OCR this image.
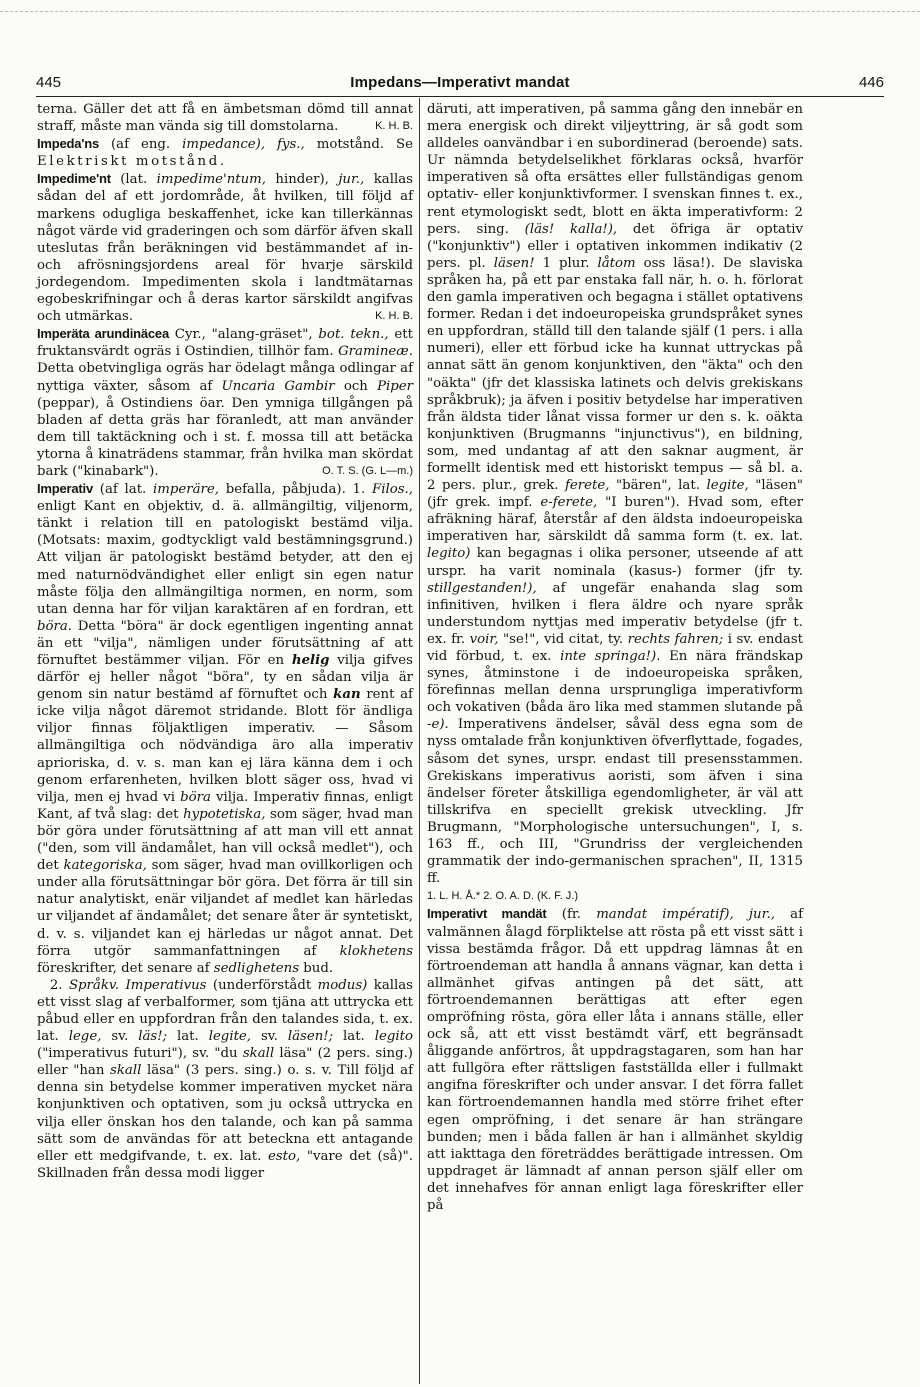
445	Impedans—Imperativt mandat	446

terna. Gäller det att få en ämbetsman dömd till annat straff, måste man vända sig till domstolarna.	K. H. B.

Impeda'ns (af eng. impedance), fys., motstånd. Se Elektriskt motstånd.

Impedime'nt (lat. impedime'ntum, hinder), jur., kallas sådan del af ett jordområde, åt hvilken, till följd af markens odugliga beskaffenhet, icke kan tillerkännas något värde vid graderingen och som därför äfven skall uteslutas från beräkningen vid bestämmandet af in- och afrösningsjordens areal för hvarje särskild jordegendom. Impedimenten skola i landtmätarnas egobeskrifningar och å deras kartor särskildt angifvas och utmärkas.	K. H. B.

Imperäta arundinäcea Cyr., "alang-gräset", bot. tekn., ett fruktansvärdt ogräs i Ostindien, tillhör fam. Gramineæ. Detta obetvingliga ogräs har ödelagt många odlingar af nyttiga växter, såsom af Uncaria Gambir och Piper (peppar), å Ostindiens öar. Den ymniga tillgången på bladen af detta gräs har föranledt, att man använder dem till taktäckning och i st. f. mossa till att betäcka ytorna å kinaträdens stammar, från hvilka man skördat bark ("kinabark").	O. T. S. (G. L—m.)

Imperativ (af lat. imperäre, befalla, påbjuda). 1. Filos., enligt Kant en objektiv, d. ä. allmängiltig, viljenorm, tänkt i relation till en patologiskt bestämd vilja. (Motsats: maxim, godtyckligt vald bestämningsgrund.) Att viljan är patologiskt bestämd betyder, att den ej med naturnödvändighet eller enligt sin egen natur måste följa den allmängiltiga normen, en norm, som utan denna har för viljan karaktären af en fordran, ett böra. Detta "böra" är dock egentligen ingenting annat än ett "vilja", nämligen under förutsättning af att förnuftet bestämmer viljan. För en helig vilja gifves därför ej heller något "böra", ty en sådan vilja är genom sin natur bestämd af förnuftet och kan rent af icke vilja något däremot stridande. Blott för ändliga viljor finnas följaktligen imperativ. — Såsom allmängiltiga och nödvändiga äro alla imperativ aprioriska, d. v. s. man kan ej lära känna dem i och genom erfarenheten, hvilken blott säger oss, hvad vi vilja, men ej hvad vi böra vilja. Imperativ finnas, enligt Kant, af två slag: det hypotetiska, som säger, hvad man bör göra under förutsättning af att man vill ett annat ("den, som vill ändamålet, han vill också medlet"), och det kategoriska, som säger, hvad man ovillkorligen och under alla förutsättningar bör göra. Det förra är till sin natur analytiskt, enär viljandet af medlet kan härledas ur viljandet af ändamålet; det senare åter är syntetiskt, d. v. s. viljandet kan ej härledas ur något annat. Det förra utgör sammanfattningen af klokhetens föreskrifter, det senare af sedlighetens bud.

2. Språkv. Imperativus (underförstådt modus) kallas ett visst slag af verbalformer, som tjäna att uttrycka ett påbud eller en uppfordran från den talandes sida, t. ex. lat. lege, sv. läs!; lat. legite, sv. läsen!; lat. legito ("imperativus futuri"), sv. "du skall läsa" (2 pers. sing.) eller "han skall läsa" (3 pers. sing.) o. s. v. Till följd af denna sin betydelse kommer imperativen mycket nära konjunktiven och optativen, som ju också uttrycka en vilja eller önskan hos den talande, och kan på samma sätt som de användas för att beteckna ett antagande eller ett medgifvande, t. ex. lat. esto, "vare det (så)". Skillnaden från dessa modi ligger

däruti, att imperativen, på samma gång den innebär en mera energisk och direkt viljeyttring, är så godt som alldeles oanvändbar i en subordinerad (beroende) sats. Ur nämnda betydelselikhet förklaras också, hvarför imperativen så ofta ersättes eller fullständigas genom optativ- eller konjunktivformer. I svenskan finnes t. ex., rent etymologiskt sedt, blott en äkta imperativform: 2 pers. sing. (läs! kalla!), det öfriga är optativ ("konjunktiv") eller i optativen inkommen indikativ (2 pers. pl. läsen! 1 plur. låtom oss läsa!). De slaviska språken ha, på ett par enstaka fall när, h. o. h. förlorat den gamla imperativen och begagna i stället optativens former. Redan i det indoeuropeiska grundspråket synes en uppfordran, ställd till den talande själf (1 pers. i alla numeri), eller ett förbud icke ha kunnat uttryckas på annat sätt än genom konjunktiven, den "äkta" och den "oäkta" (jfr det klassiska latinets och delvis grekiskans språkbruk); ja äfven i positiv betydelse har imperativen från äldsta tider lånat vissa former ur den s. k. oäkta konjunktiven (Brugmanns "injunctivus"), en bildning, som, med undantag af att den saknar augment, är formellt identisk med ett historiskt tempus — så bl. a. 2 pers. plur., grek. ferete, "bären", lat. legite, "läsen" (jfr grek. impf. e-ferete, "I buren"). Hvad som, efter afräkning häraf, återstår af den äldsta indoeuropeiska imperativen har, särskildt då samma form (t. ex. lat. legito) kan begagnas i olika personer, utseende af att urspr. ha varit nominala (kasus-) former (jfr ty. stillgestanden!), af ungefär enahanda slag som infinitiven, hvilken i flera äldre och nyare språk understundom nyttjas med imperativ betydelse (jfr t. ex. fr. voir, "se!", vid citat, ty. rechts fahren; i sv. endast vid förbud, t. ex. inte springa!). En nära frändskap synes, åtminstone i de indoeuropeiska språken, förefinnas mellan denna ursprungliga imperativform och vokativen (båda äro lika med stammen slutande på -e). Imperativens ändelser, såväl dess egna som de nyss omtalade från konjunktiven öfverflyttade, fogades, såsom det synes, urspr. endast till presensstammen. Grekiskans imperativus aoristi, som äfven i sina ändelser företer åtskilliga egendomligheter, är väl att tillskrifva en speciellt grekisk utveckling. Jfr Brugmann, "Morphologische untersuchungen", I, s. 163 ff., och III, "Grundriss der vergleichenden grammatik der indo-germanischen sprachen", II, 1315 ff.

1. L. H. Å.* 2. O. A. D. (K. F. J.)

Imperativt mandät (fr. mandat impératif), jur., af valmännen ålagd förpliktelse att rösta på ett visst sätt i vissa bestämda frågor. Då ett uppdrag lämnas åt en förtroendeman att handla å annans vägnar, kan detta i allmänhet gifvas antingen på det sätt, att förtroendemannen berättigas att efter egen ompröfning rösta, göra eller låta i annans ställe, eller ock så, att ett visst bestämdt värf, ett begränsadt åliggande anförtros, åt uppdragstagaren, som han har att fullgöra efter rättsligen fastställda eller i fullmakt angifna föreskrifter och under ansvar. I det förra fallet kan förtroendemannen handla med större frihet efter egen ompröfning, i det senare är han strängare bunden; men i båda fallen är han i allmänhet skyldig att iakttaga den företräddes berättigade intressen. Om uppdraget är lämnadt af annan person själf eller om det innehafves för annan enligt laga föreskrifter eller på
